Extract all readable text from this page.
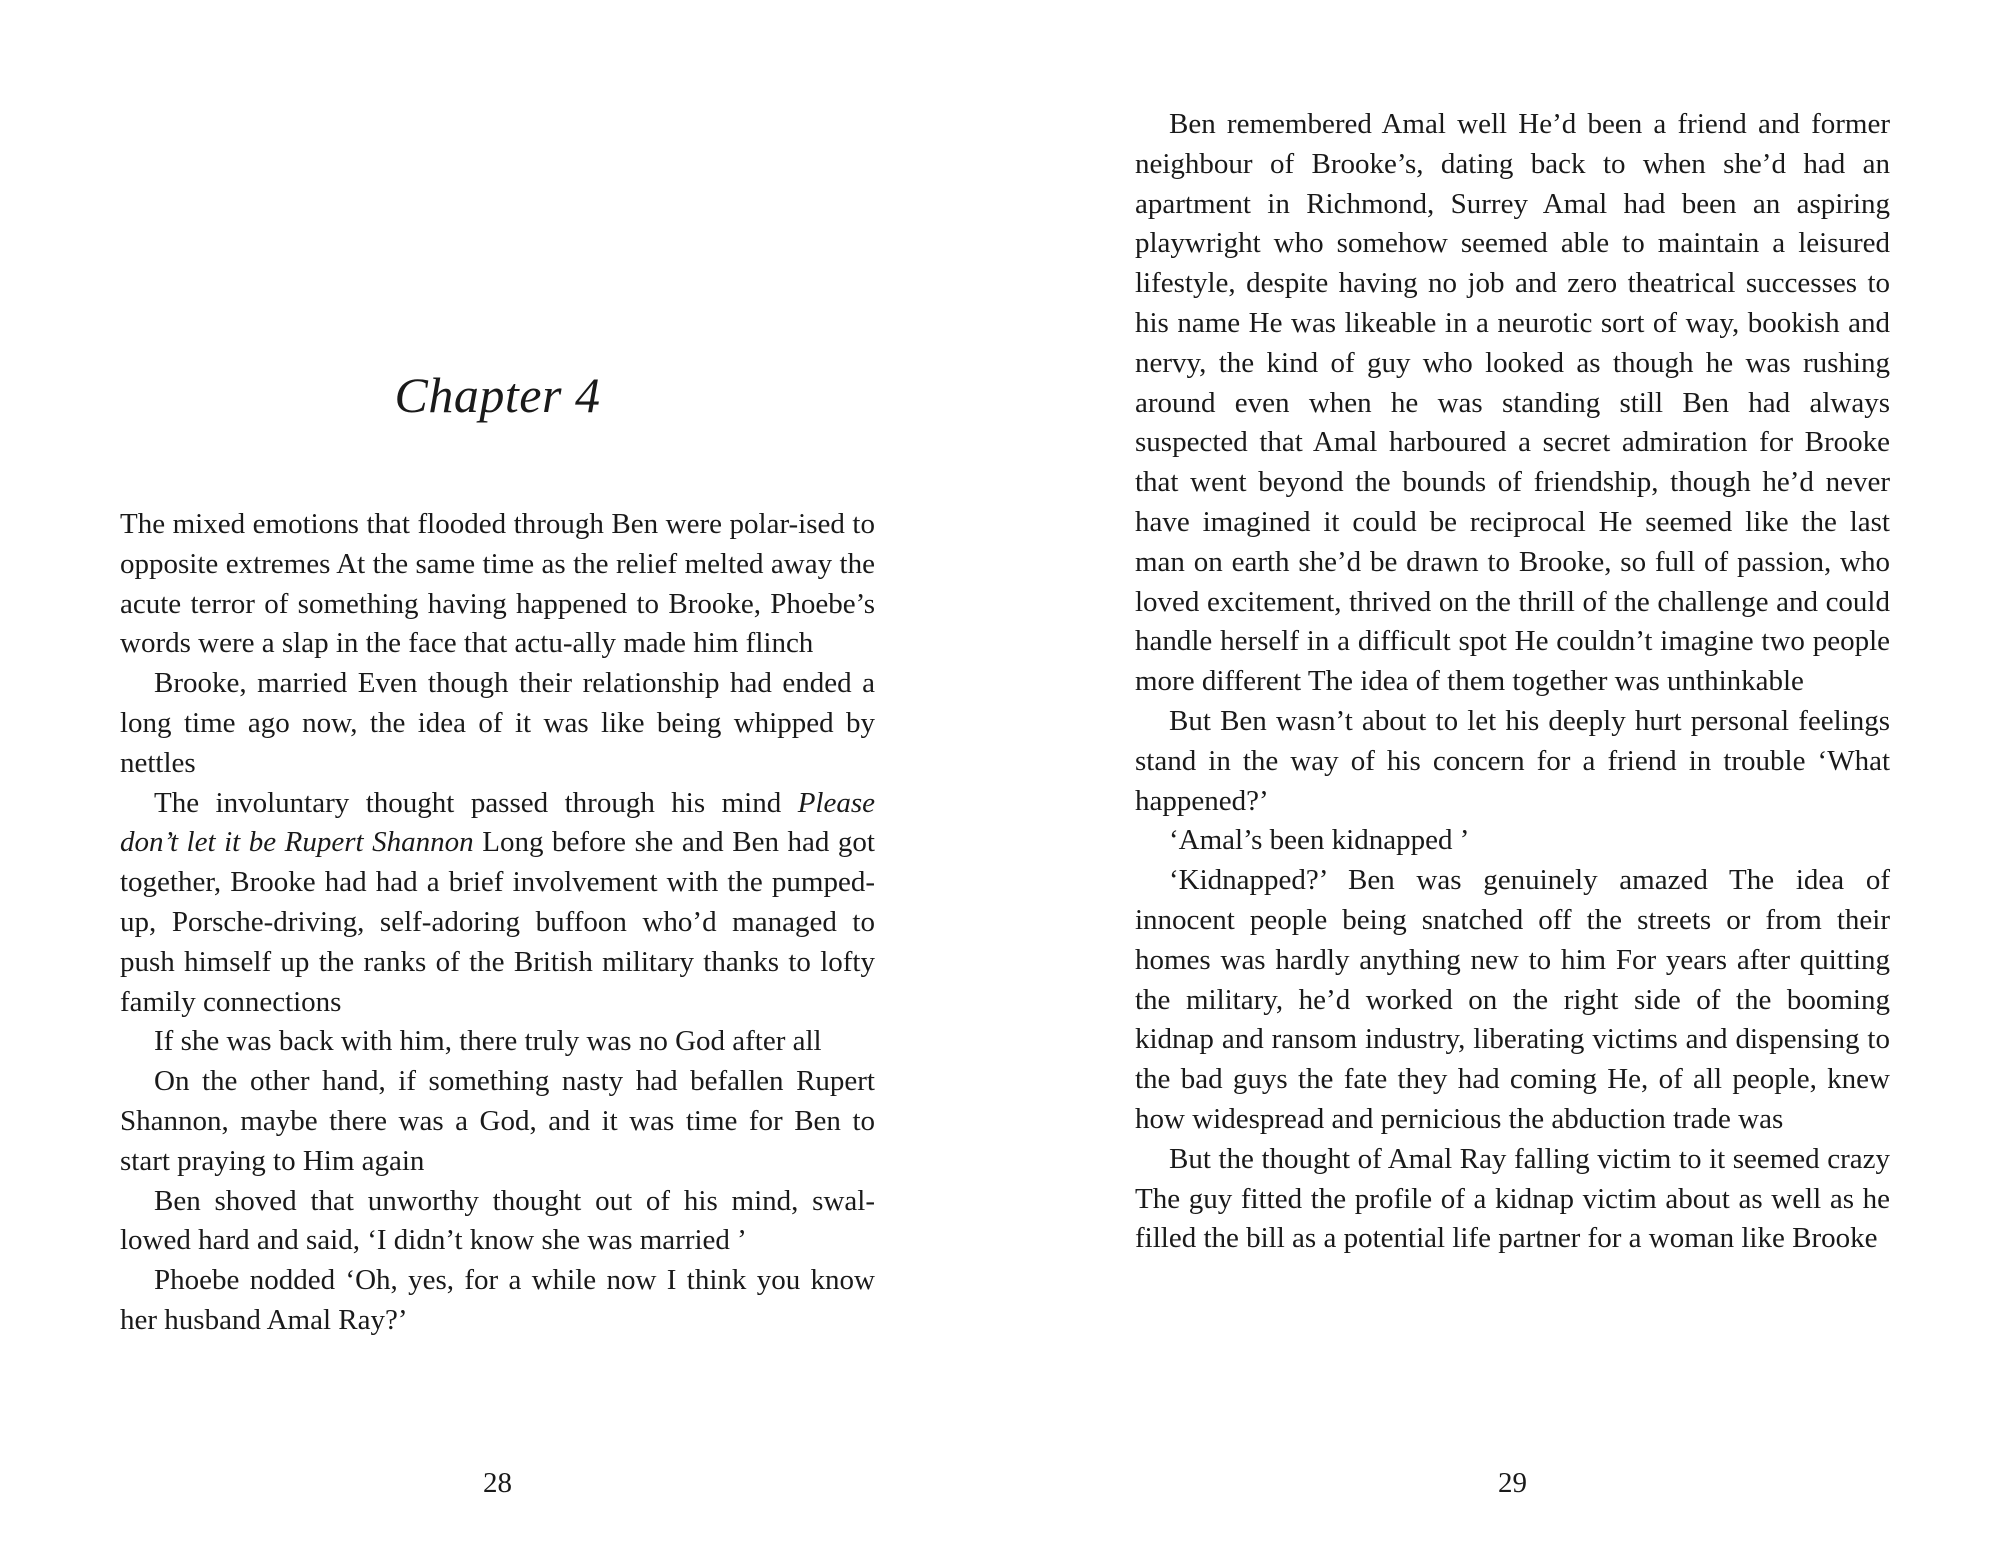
Chapter 4

The mixed emotions that flooded through Ben were polar-ised to opposite extremes At the same time as the relief melted away the acute terror of something having happened to Brooke, Phoebe’s words were a slap in the face that actu-ally made him flinch

Brooke, married Even though their relationship had ended a long time ago now, the idea of it was like being whipped by nettles

The involuntary thought passed through his mind Please don’t let it be Rupert Shannon Long before she and Ben had got together, Brooke had had a brief involvement with the pumped-up, Porsche-driving, self-adoring buffoon who’d managed to push himself up the ranks of the British military thanks to lofty family connections

If she was back with him, there truly was no God after all

On the other hand, if something nasty had befallen Rupert Shannon, maybe there was a God, and it was time for Ben to start praying to Him again

Ben shoved that unworthy thought out of his mind, swal-lowed hard and said, ‘I didn’t know she was married ’

Phoebe nodded ‘Oh, yes, for a while now I think you know her husband Amal Ray?’

28

Ben remembered Amal well He’d been a friend and former neighbour of Brooke’s, dating back to when she’d had an apartment in Richmond, Surrey Amal had been an aspiring playwright who somehow seemed able to maintain a leisured lifestyle, despite having no job and zero theatrical successes to his name He was likeable in a neurotic sort of way, bookish and nervy, the kind of guy who looked as though he was rushing around even when he was standing still Ben had always suspected that Amal harboured a secret admiration for Brooke that went beyond the bounds of friendship, though he’d never have imagined it could be reciprocal He seemed like the last man on earth she’d be drawn to Brooke, so full of passion, who loved excitement, thrived on the thrill of the challenge and could handle herself in a difficult spot He couldn’t imagine two people more different The idea of them together was unthinkable

But Ben wasn’t about to let his deeply hurt personal feelings stand in the way of his concern for a friend in trouble ‘What happened?’

‘Amal’s been kidnapped ’

‘Kidnapped?’ Ben was genuinely amazed The idea of innocent people being snatched off the streets or from their homes was hardly anything new to him For years after quitting the military, he’d worked on the right side of the booming kidnap and ransom industry, liberating victims and dispensing to the bad guys the fate they had coming He, of all people, knew how widespread and pernicious the abduction trade was

But the thought of Amal Ray falling victim to it seemed crazy The guy fitted the profile of a kidnap victim about as well as he filled the bill as a potential life partner for a woman like Brooke

29
